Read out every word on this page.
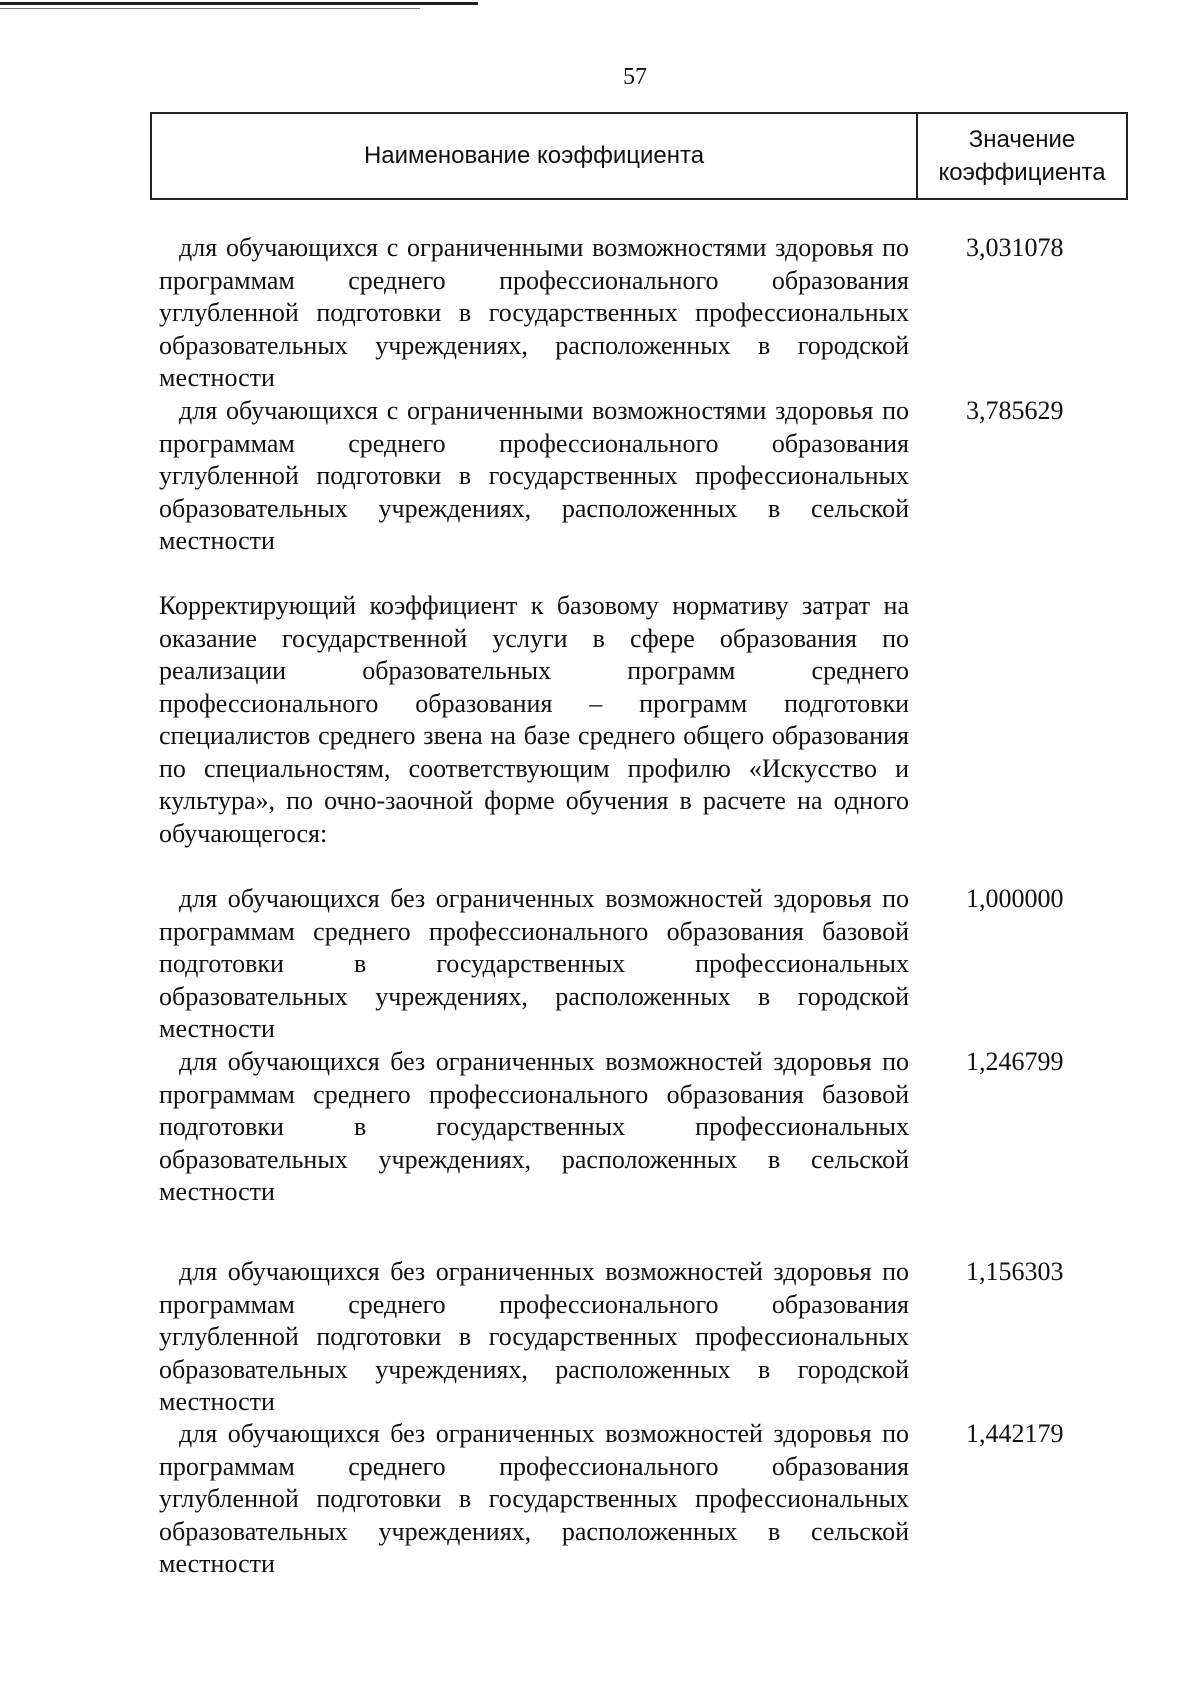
57
Наименование коэффициента
Значение
коэффициента
для обучающихся с ограниченными возможностями здоровья по программам среднего профессионального образования углубленной подготовки в государственных профессиональных образовательных учреждениях, расположенных в городской местности
3,031078
для обучающихся с ограниченными возможностями здоровья по программам среднего профессионального образования углубленной подготовки в государственных профессиональных образовательных учреждениях, расположенных в сельской местности
3,785629
Корректирующий коэффициент к базовому нормативу затрат на оказание государственной услуги в сфере образования по реализации образовательных программ среднего профессионального образования – программ подготовки специалистов среднего звена на базе среднего общего образования по специальностям, соответствующим профилю «Искусство и культура», по очно-заочной форме обучения в расчете на одного обучающегося:
для обучающихся без ограниченных возможностей здоровья по программам среднего профессионального образования базовой подготовки в государственных профессиональных образовательных учреждениях, расположенных в городской местности
1,000000
для обучающихся без ограниченных возможностей здоровья по программам среднего профессионального образования базовой подготовки в государственных профессиональных образовательных учреждениях, расположенных в сельской местности
1,246799
для обучающихся без ограниченных возможностей здоровья по программам среднего профессионального образования углубленной подготовки в государственных профессиональных образовательных учреждениях, расположенных в городской местности
1,156303
для обучающихся без ограниченных возможностей здоровья по программам среднего профессионального образования углубленной подготовки в государственных профессиональных образовательных учреждениях, расположенных в сельской местности
1,442179
